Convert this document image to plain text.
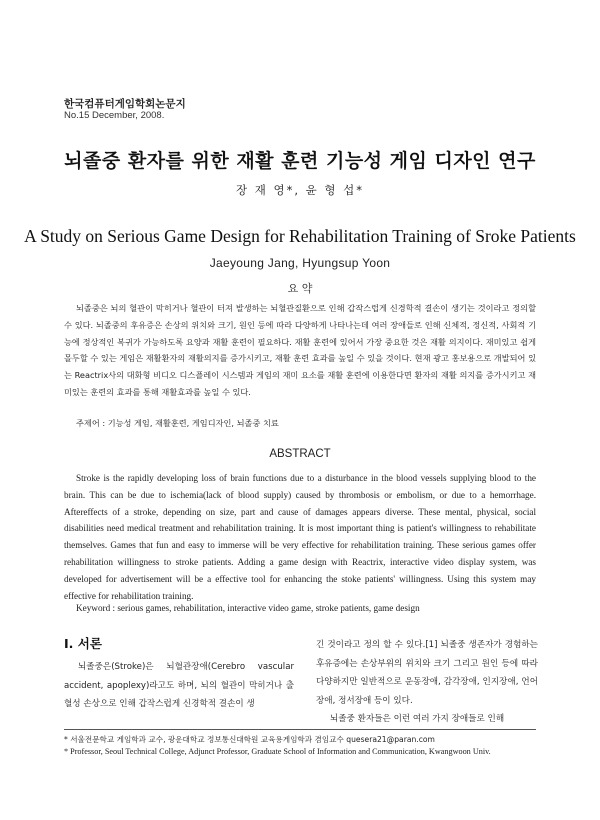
한국컴퓨터게임학회논문지
No.15 December, 2008.
뇌졸중 환자를 위한 재활 훈련 기능성 게임 디자인 연구
장 재 영*, 윤 형 섭*
A Study on Serious Game Design for Rehabilitation Training of Sroke Patients
Jaeyoung Jang, Hyungsup Yoon
요 약
뇌졸중은 뇌의 혈관이 막히거나 혈관이 터져 발생하는 뇌혈관질환으로 인해 갑작스럽게 신경학적 결손이 생기는 것이라고 정의할 수 있다. 뇌졸중의 후유증은 손상의 위치와 크기, 원인 등에 따라 다양하게 나타나는데 여러 장애들로 인해 신체적, 정신적, 사회적 기능에 정상적인 복귀가 가능하도록 요양과 재활 훈련이 필요하다. 재활 훈련에 있어서 가장 중요한 것은 재활 의지이다. 재미있고 쉽게 몰두할 수 있는 게임은 재활환자의 재활의지를 증가시키고, 재활 훈련 효과를 높일 수 있을 것이다. 현재 광고 홍보용으로 개발되어 있는 Reactrix사의 대화형 비디오 디스플레이 시스템과 게임의 재미 요소를 재활 훈련에 이용한다면 환자의 재활 의지를 증가시키고 재미있는 훈련의 효과를 통해 재활효과를 높일 수 있다.
주제어 : 기능성 게임, 재활훈련, 게임디자인, 뇌졸중 치료
ABSTRACT
Stroke is the rapidly developing loss of brain functions due to a disturbance in the blood vessels supplying blood to the brain. This can be due to ischemia(lack of blood supply) caused by thrombosis or embolism, or due to a hemorrhage. Aftereffects of a stroke, depending on size, part and cause of damages appears diverse. These mental, physical, social disabilities need medical treatment and rehabilitation training. It is most important thing is patient's willingness to rehabilitate themselves. Games that fun and easy to immerse will be very effective for rehabilitation training. These serious games offer rehabilitation willingness to stroke patients. Adding a game design with Reactrix, interactive video display system, was developed for advertisement will be a effective tool for enhancing the stoke patients' willingness. Using this system may effective for rehabilitation training.
Keyword : serious games, rehabilitation, interactive video game, stroke patients, game design
Ⅰ. 서론
뇌졸중은(Stroke)은 뇌혈관장애(Cerebro vascular accident, apoplexy)라고도 하며, 뇌의 혈관이 막히거나 출혈성 손상으로 인해 갑작스럽게 신경학적 결손이 생

긴 것이라고 정의 할 수 있다.[1] 뇌졸중 생존자가 경험하는 후유증에는 손상부위의 위치와 크기 그리고 원인 등에 따라 다양하지만 일반적으로 운동장애, 감각장애, 인지장애, 언어장애, 정서장애 등이 있다.

뇌졸중 환자들은 이런 여러 가지 장애들로 인해

* 서울전문학교 게임학과 교수, 광운대학교 정보통신대학원 교육용게임학과 겸임교수 quesera21@paran.com
* Professor, Seoul Technical College, Adjunct Professor, Graduate School of Information and Communication, Kwangwoon Univ.
